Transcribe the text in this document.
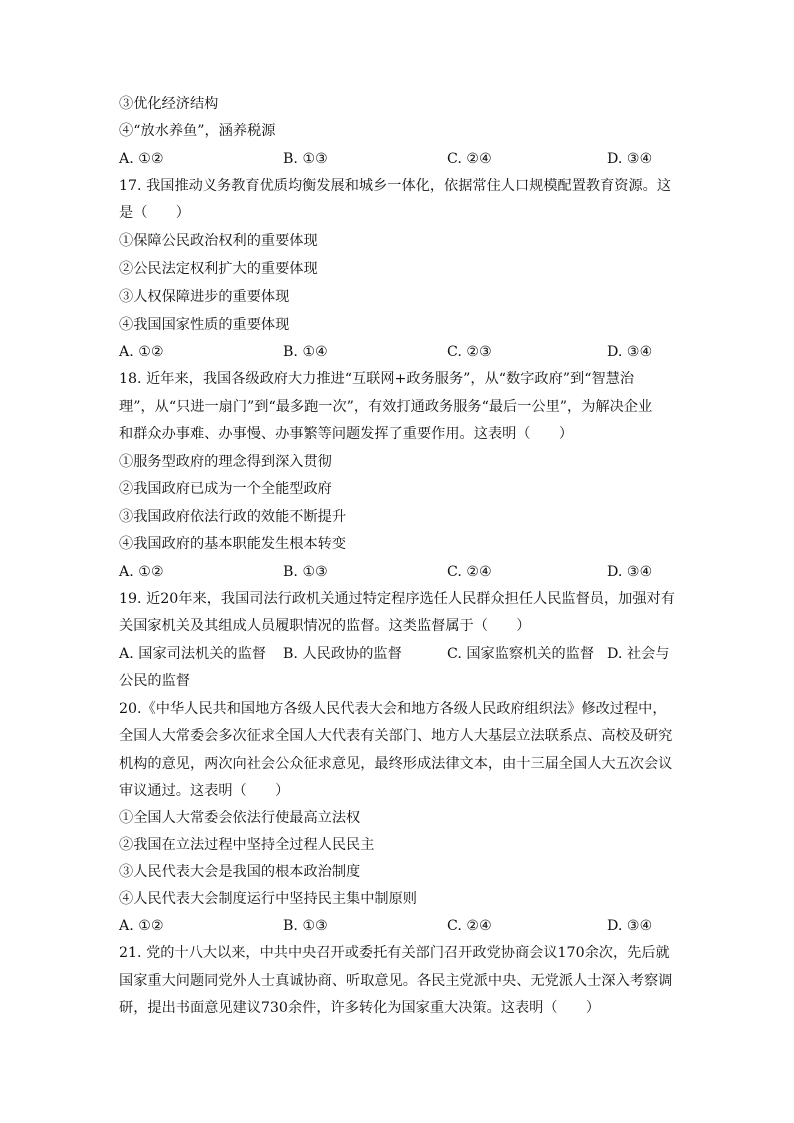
③优化经济结构
④“放水养鱼”，涵养税源
A. ①②	B. ①③	C. ②④	D. ③④
17. 我国推动义务教育优质均衡发展和城乡一体化，依据常住人口规模配置教育资源。这
是（　　）
①保障公民政治权利的重要体现
②公民法定权利扩大的重要体现
③人权保障进步的重要体现
④我国国家性质的重要体现
A. ①②	B. ①④	C. ②③	D. ③④
18. 近年来，我国各级政府大力推进“互联网+政务服务”，从“数字政府”到“智慧治
理”，从“只进一扇门”到“最多跑一次”，有效打通政务服务“最后一公里”，为解决企业
和群众办事难、办事慢、办事繁等问题发挥了重要作用。这表明（　　）
①服务型政府的理念得到深入贯彻
②我国政府已成为一个全能型政府
③我国政府依法行政的效能不断提升
④我国政府的基本职能发生根本转变
A. ①②	B. ①③	C. ②④	D. ③④
19. 近20年来，我国司法行政机关通过特定程序选任人民群众担任人民监督员，加强对有
关国家机关及其组成人员履职情况的监督。这类监督属于（　　）
A. 国家司法机关的监督 B. 人民政协的监督	C. 国家监察机关的监督 D. 社会与
公民的监督
20.《中华人民共和国地方各级人民代表大会和地方各级人民政府组织法》修改过程中，
全国人大常委会多次征求全国人大代表有关部门、地方人大基层立法联系点、高校及研究
机构的意见，两次向社会公众征求意见，最终形成法律文本，由十三届全国人大五次会议
审议通过。这表明（　　）
①全国人大常委会依法行使最高立法权
②我国在立法过程中坚持全过程人民民主
③人民代表大会是我国的根本政治制度
④人民代表大会制度运行中坚持民主集中制原则
A. ①②	B. ①③	C. ②④	D. ③④
21. 党的十八大以来，中共中央召开或委托有关部门召开政党协商会议170余次，先后就
国家重大问题同党外人士真诚协商、听取意见。各民主党派中央、无党派人士深入考察调
研，提出书面意见建议730余件，许多转化为国家重大决策。这表明（　　）
